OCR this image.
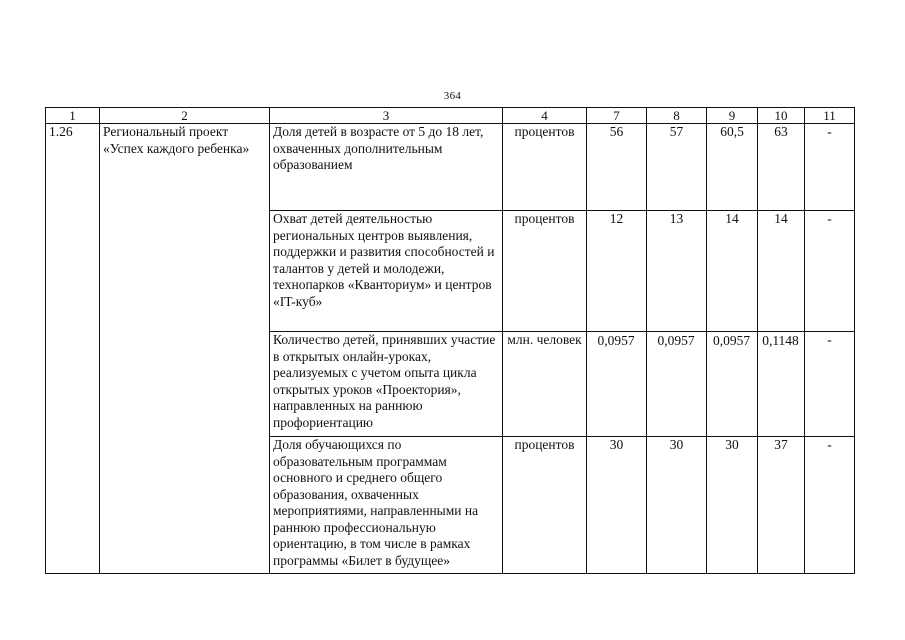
364
1	2	3	4	7	8	9	10	11
1.26	Региональный проект «Успех каждого ребенка»	Доля детей в возрасте от 5 до 18 лет, охваченных дополнительным образованием	процентов	56	57	60,5	63	-
		Охват детей деятельностью региональных центров выявления, поддержки и развития способностей и талантов у детей и молодежи, технопарков «Кванториум» и центров «IT-куб»	процентов	12	13	14	14	-
		Количество детей, принявших участие в открытых онлайн-уроках, реализуемых с учетом опыта цикла открытых уроков «Проектория», направленных на раннюю профориентацию	млн. человек	0,0957	0,0957	0,0957	0,1148	-
		Доля обучающихся по образовательным программам основного и среднего общего образования, охваченных мероприятиями, направленными на раннюю профессиональную ориентацию, в том числе в рамках программы «Билет в будущее»	процентов	30	30	30	37	-
